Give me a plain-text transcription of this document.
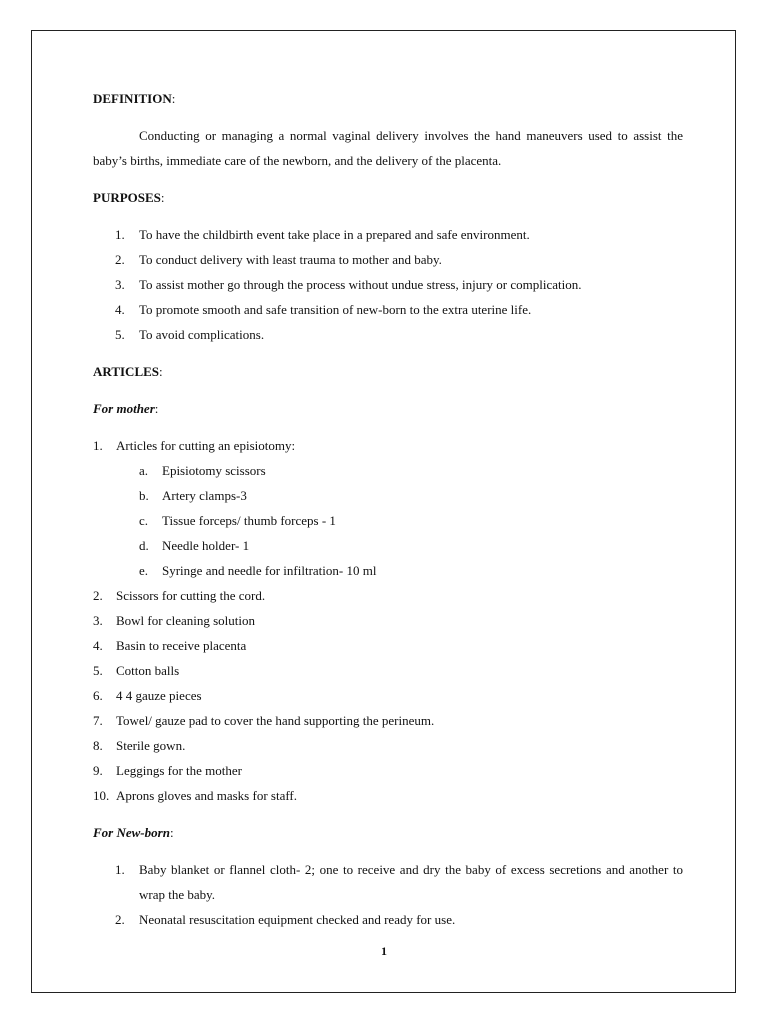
DEFINITION:
Conducting or managing a normal vaginal delivery involves the hand maneuvers used to assist the baby’s births, immediate care of the newborn, and the delivery of the placenta.
PURPOSES:
1. To have the childbirth event take place in a prepared and safe environment.
2. To conduct delivery with least trauma to mother and baby.
3. To assist mother go through the process without undue stress, injury or complication.
4. To promote smooth and safe transition of new-born to the extra uterine life.
5. To avoid complications.
ARTICLES:
For mother:
1. Articles for cutting an episiotomy:
a. Episiotomy scissors
b. Artery clamps-3
c. Tissue forceps/ thumb forceps - 1
d. Needle holder- 1
e. Syringe and needle for infiltration- 10 ml
2. Scissors for cutting the cord.
3. Bowl for cleaning solution
4. Basin to receive placenta
5. Cotton balls
6. 4 4 gauze pieces
7. Towel/ gauze pad to cover the hand supporting the perineum.
8. Sterile gown.
9. Leggings for the mother
10. Aprons gloves and masks for staff.
For New-born:
1. Baby blanket or flannel cloth- 2; one to receive and dry the baby of excess secretions and another to wrap the baby.
2. Neonatal resuscitation equipment checked and ready for use.
1
